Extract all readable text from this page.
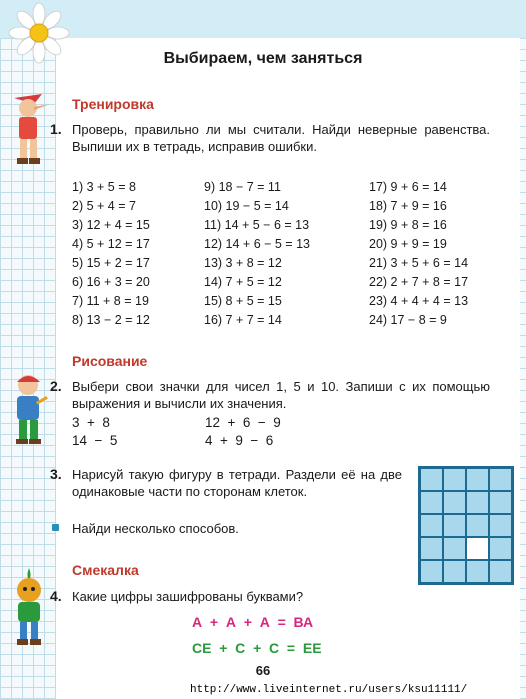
Выбираем, чем заняться
Тренировка
1. Проверь, правильно ли мы считали. Найди неверные равенства. Выпиши их в тетрадь, исправив ошибки.
1) 3 + 5 = 8
2) 5 + 4 = 7
3) 12 + 4 = 15
4) 5 + 12 = 17
5) 15 + 2 = 17
6) 16 + 3 = 20
7) 11 + 8 = 19
8) 13 − 2 = 12
9) 18 − 7 = 11
10) 19 − 5 = 14
11) 14 + 5 − 6 = 13
12) 14 + 6 − 5 = 13
13) 3 + 8 = 12
14) 7 + 5 = 12
15) 8 + 5 = 15
16) 7 + 7 = 14
17) 9 + 6 = 14
18) 7 + 9 = 16
19) 9 + 8 = 16
20) 9 + 9 = 19
21) 3 + 5 + 6 = 14
22) 2 + 7 + 8 = 17
23) 4 + 4 + 4 = 13
24) 17 − 8 = 9
Рисование
2. Выбери свои значки для чисел 1, 5 и 10. Запиши с их помощью выражения и вычисли их значения.
3  +  8	12  +  6  −  9
14  −  5	4  +  9  −  6
3. Нарисуй такую фигуру в тетради. Раздели её на две одинаковые части по сторонам клеток.
Найди несколько способов.
Смекалка
4. Какие цифры зашифрованы буквами?
А  +  А  +  А  =  ВА
СЕ  +  С  +  С  =  ЕЕ
66
http://www.liveinternet.ru/users/ksu11111/
